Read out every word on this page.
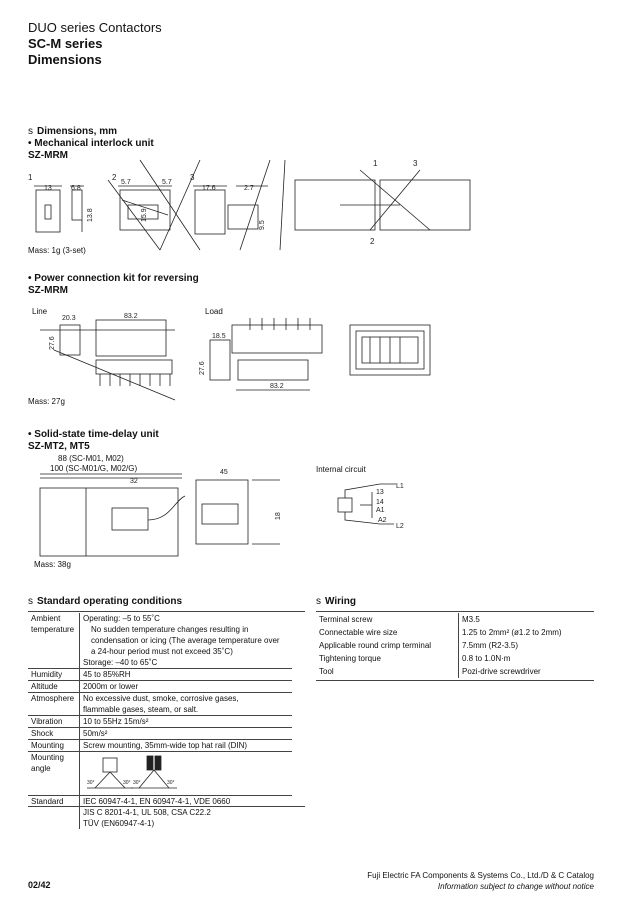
DUO series Contactors
SC-M series
Dimensions
s Dimensions, mm
• Mechanical interlock unit
SZ-MRM
1	2	3
1	3
2
13	6.8
13.8
5.7	5.7
15.9
17.6	2.7
9.5
Mass: 1g (3-set)
• Power connection kit for reversing
SZ-MRM
Line	Load
20.3	83.2
27.6	18.5
27.6
83.2
Mass: 27g
• Solid-state time-delay unit
SZ-MT2, MT5
88 (SC-M01, M02)
100 (SC-M01/G, M02/G)	Internal circuit
32
45
18
L1
13
14
A1
A2
L2
Mass: 38g
s Standard operating conditions
Ambient temperature	Operating: –5 to 55˚C
No sudden temperature changes resulting in
condensation or icing (The average temperature over
a 24-hour period must not exceed 35˚C)
Storage: –40 to 65˚C
Humidity	45 to 85%RH
Altitude	2000m or lower
Atmosphere	No excessive dust, smoke, corrosive gases,
flammable gases, steam, or salt.
Vibration	10 to 55Hz 15m/s²
Shock	50m/s²
Mounting	Screw mounting, 35mm-wide top hat rail (DIN)
Mounting angle	30° 30° 30° 30°

Standard	IEC 60947-4-1, EN 60947-4-1, VDE 0660
JIS C 8201-4-1, UL 508, CSA C22.2
TÜV (EN60947-4-1)
s Wiring
Terminal screw	M3.5
Connectable wire size	1.25 to 2mm² (ø1.2 to 2mm)
Applicable round crimp terminal	7.5mm (R2-3.5)
Tightening torque	0.8 to 1.0N·m
Tool	Pozi-drive screwdriver
Fuji Electric FA Components & Systems Co., Ltd./D & C Catalog
Information subject to change without notice
02/42
